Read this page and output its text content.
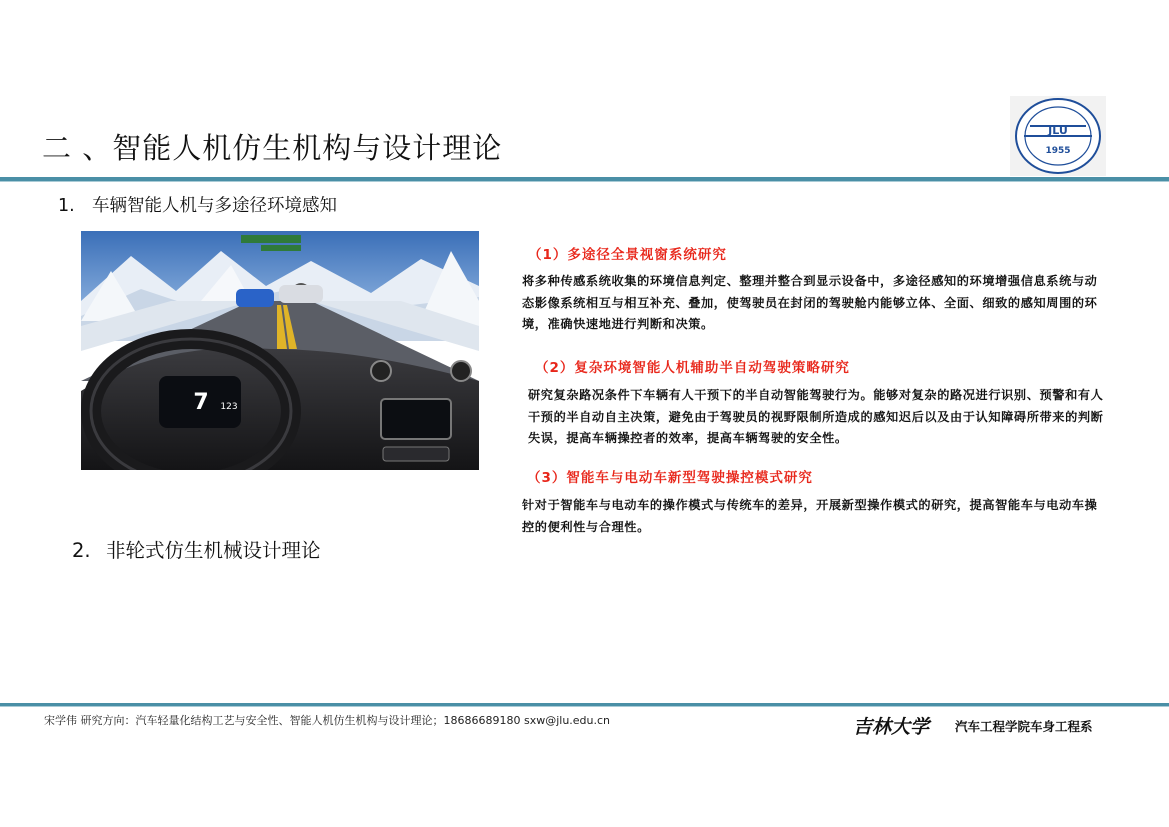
二 、智能人机仿生机构与设计理论
JLU
1955
1. 车辆智能人机与多途径环境感知
7 123
（1）多途径全景视窗系统研究
将多种传感系统收集的环境信息判定、整理并整合到显示设备中，多途径感知的环境增强信息系统与动态影像系统相互与相互补充、叠加，使驾驶员在封闭的驾驶舱内能够立体、全面、细致的感知周围的环境，准确快速地进行判断和决策。
（2）复杂环境智能人机辅助半自动驾驶策略研究
研究复杂路况条件下车辆有人干预下的半自动智能驾驶行为。能够对复杂的路况进行识别、预警和有人干预的半自动自主决策，避免由于驾驶员的视野限制所造成的感知迟后以及由于认知障碍所带来的判断失误，提高车辆操控者的效率，提高车辆驾驶的安全性。
（3）智能车与电动车新型驾驶操控模式研究
针对于智能车与电动车的操作模式与传统车的差异，开展新型操作模式的研究，提高智能车与电动车操控的便利性与合理性。
2. 非轮式仿生机械设计理论
宋学伟 研究方向：汽车轻量化结构工艺与安全性、智能人机仿生机构与设计理论；18686689180 sxw@jlu.edu.cn	吉林大学 汽车工程学院车身工程系
